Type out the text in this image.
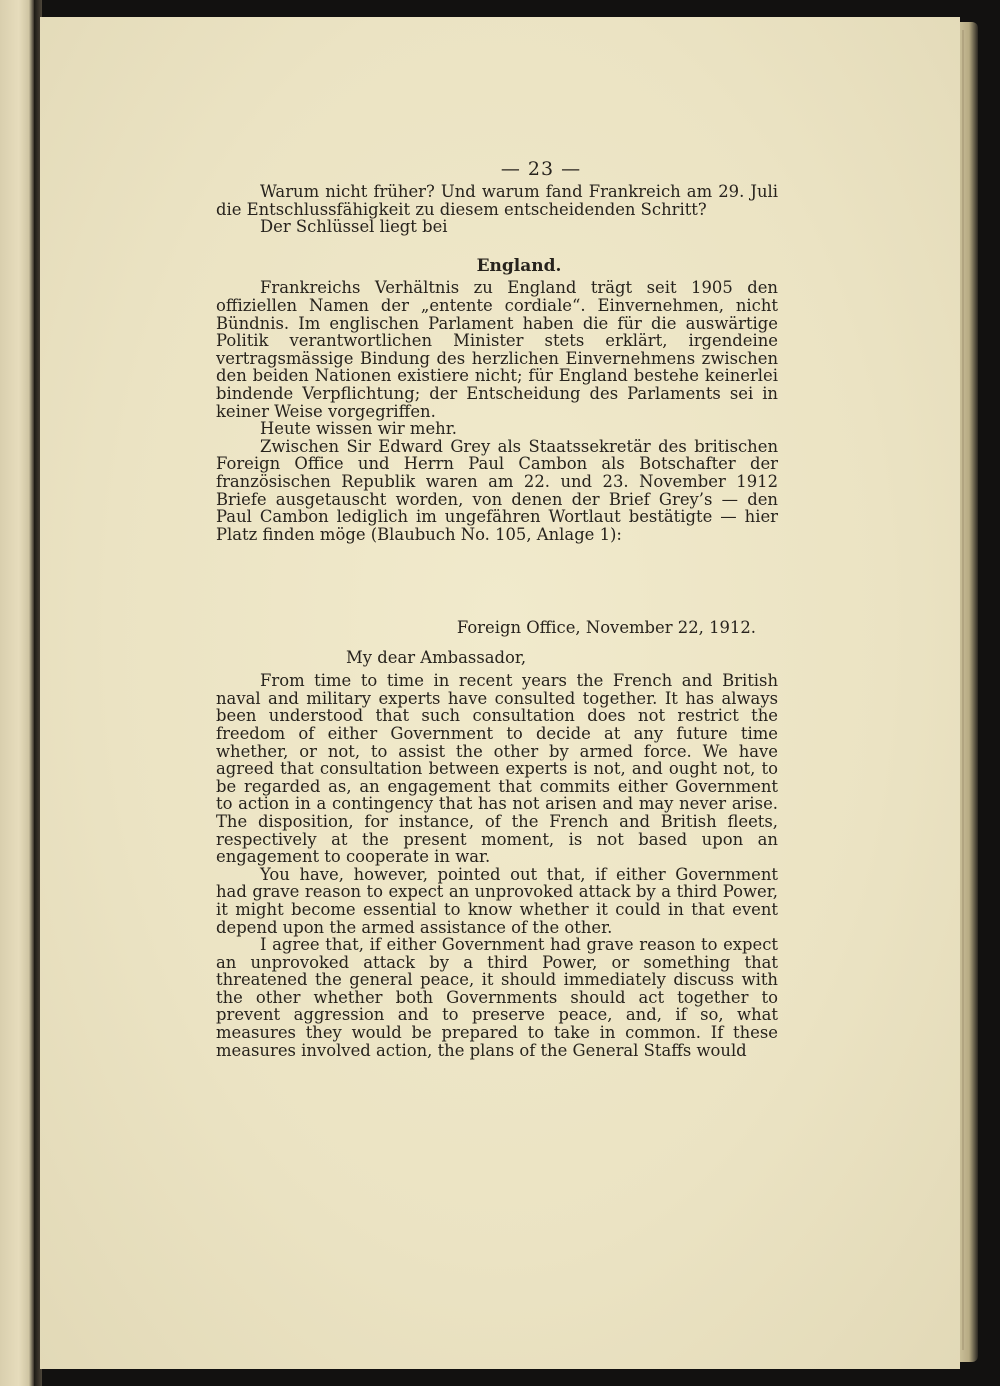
— 23 —

Warum nicht früher? Und warum fand Frankreich am 29. Juli die Entschlussfähigkeit zu diesem entscheidenden Schritt?

Der Schlüssel liegt bei

England.

Frankreichs Verhältnis zu England trägt seit 1905 den offiziellen Namen der „entente cordiale“. Einvernehmen, nicht Bündnis. Im englischen Parlament haben die für die auswärtige Politik verantwortlichen Minister stets erklärt, irgendeine vertragsmässige Bindung des herzlichen Einvernehmens zwischen den beiden Nationen existiere nicht; für England bestehe keinerlei bindende Verpflichtung; der Entscheidung des Parlaments sei in keiner Weise vorgegriffen.

Heute wissen wir mehr.

Zwischen Sir Edward Grey als Staatssekretär des britischen Foreign Office und Herrn Paul Cambon als Botschafter der französischen Republik waren am 22. und 23. November 1912 Briefe ausgetauscht worden, von denen der Brief Grey’s — den Paul Cambon lediglich im ungefähren Wortlaut bestätigte — hier Platz finden möge (Blaubuch No. 105, Anlage 1):

Foreign Office, November 22, 1912.

My dear Ambassador,

From time to time in recent years the French and British naval and military experts have consulted together. It has always been understood that such consultation does not restrict the freedom of either Government to decide at any future time whether, or not, to assist the other by armed force. We have agreed that consultation between experts is not, and ought not, to be regarded as, an engagement that commits either Government to action in a contingency that has not arisen and may never arise. The disposition, for instance, of the French and British fleets, respectively at the present moment, is not based upon an engagement to cooperate in war.

You have, however, pointed out that, if either Government had grave reason to expect an unprovoked attack by a third Power, it might become essential to know whether it could in that event depend upon the armed assistance of the other.

I agree that, if either Government had grave reason to expect an unprovoked attack by a third Power, or something that threatened the general peace, it should immediately discuss with the other whether both Governments should act together to prevent aggression and to preserve peace, and, if so, what measures they would be prepared to take in common. If these measures involved action, the plans of the General Staffs would
